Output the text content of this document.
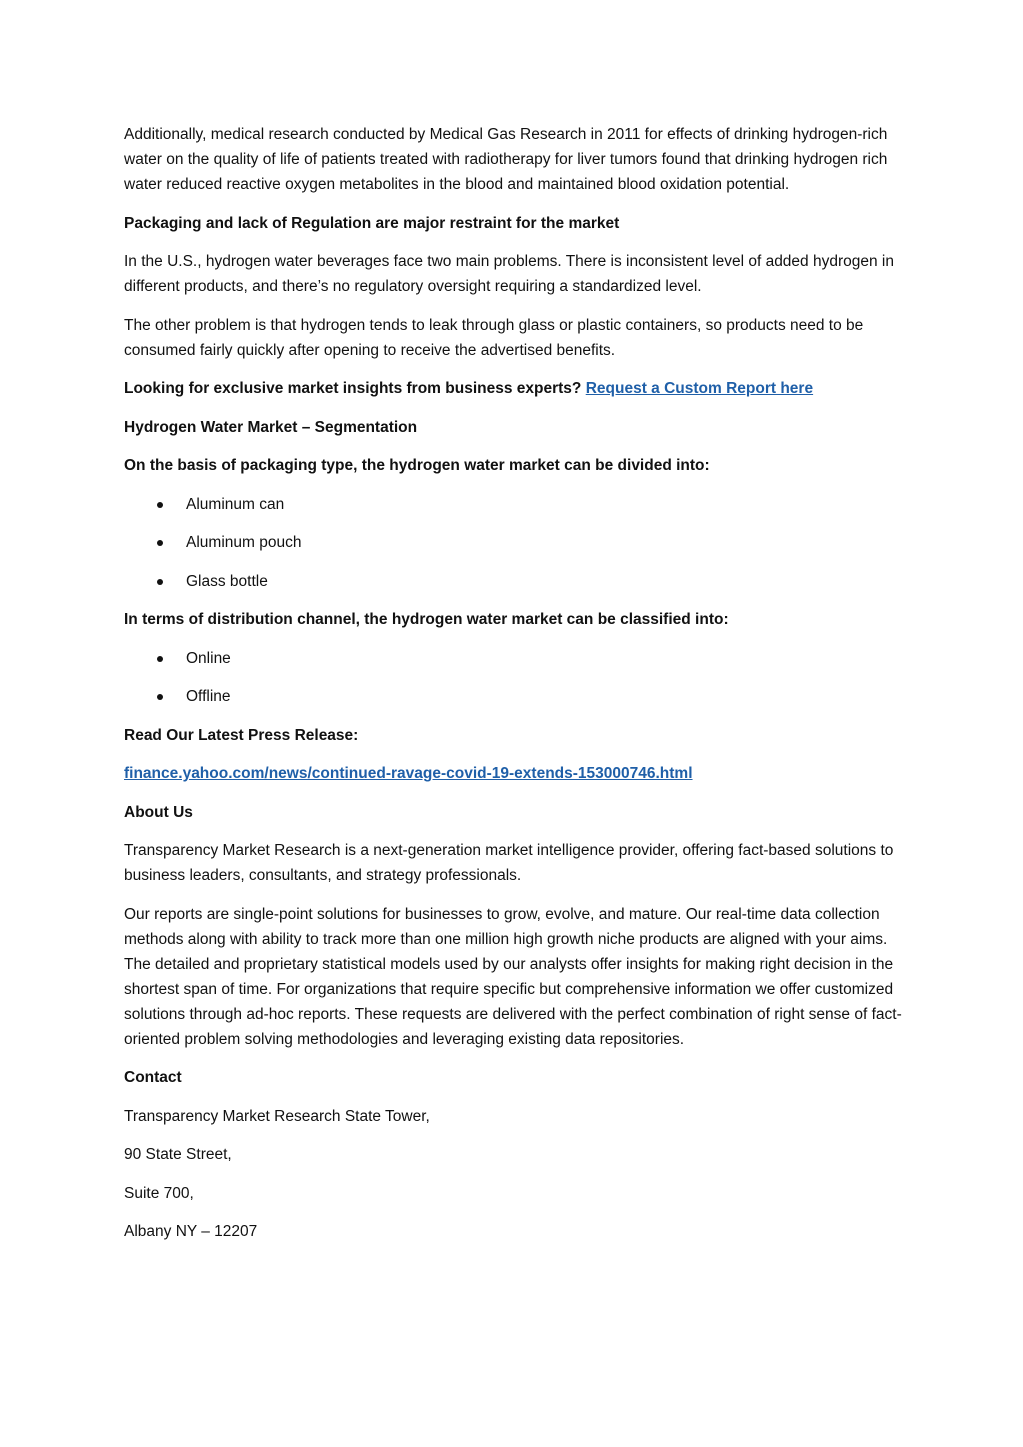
Additionally, medical research conducted by Medical Gas Research in 2011 for effects of drinking hydrogen-rich water on the quality of life of patients treated with radiotherapy for liver tumors found that drinking hydrogen rich water reduced reactive oxygen metabolites in the blood and maintained blood oxidation potential.

Packaging and lack of Regulation are major restraint for the market

In the U.S., hydrogen water beverages face two main problems. There is inconsistent level of added hydrogen in different products, and there’s no regulatory oversight requiring a standardized level.

The other problem is that hydrogen tends to leak through glass or plastic containers, so products need to be consumed fairly quickly after opening to receive the advertised benefits.

Looking for exclusive market insights from business experts? Request a Custom Report here

Hydrogen Water Market – Segmentation

On the basis of packaging type, the hydrogen water market can be divided into:

Aluminum can
Aluminum pouch
Glass bottle

In terms of distribution channel, the hydrogen water market can be classified into:

Online
Offline

Read Our Latest Press Release:

finance.yahoo.com/news/continued-ravage-covid-19-extends-153000746.html

About Us

Transparency Market Research is a next-generation market intelligence provider, offering fact-based solutions to business leaders, consultants, and strategy professionals.

Our reports are single-point solutions for businesses to grow, evolve, and mature. Our real-time data collection methods along with ability to track more than one million high growth niche products are aligned with your aims. The detailed and proprietary statistical models used by our analysts offer insights for making right decision in the shortest span of time. For organizations that require specific but comprehensive information we offer customized solutions through ad-hoc reports. These requests are delivered with the perfect combination of right sense of fact-oriented problem solving methodologies and leveraging existing data repositories.

Contact

Transparency Market Research State Tower,

90 State Street,

Suite 700,

Albany NY – 12207
